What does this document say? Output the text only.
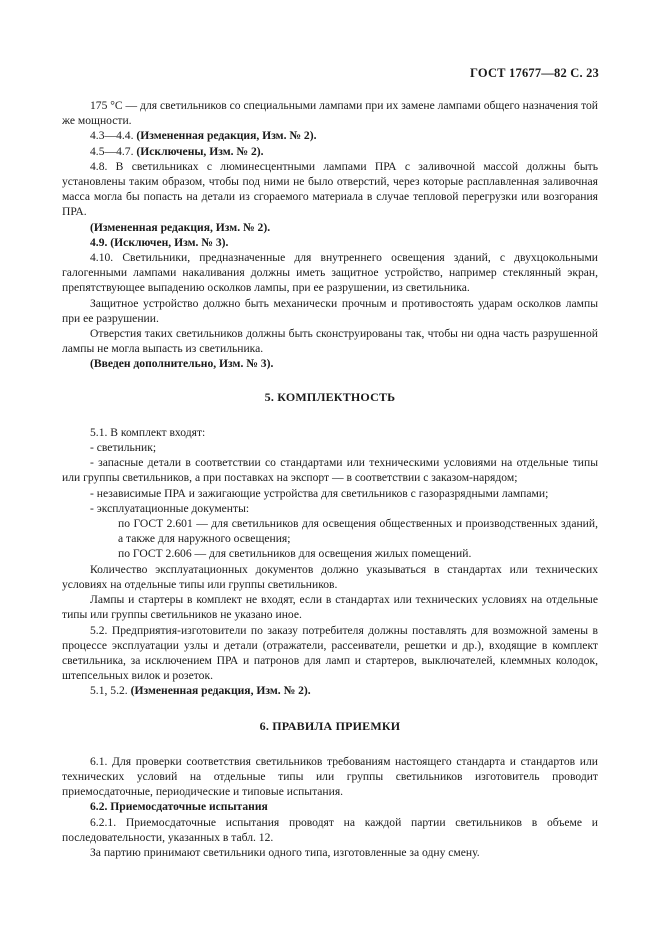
ГОСТ 17677—82 С. 23

175 °С — для светильников со специальными лампами при их замене лампами общего назначения той же мощности.

4.3—4.4. (Измененная редакция, Изм. № 2).

4.5—4.7. (Исключены, Изм. № 2).

4.8. В светильниках с люминесцентными лампами ПРА с заливочной массой должны быть установлены таким образом, чтобы под ними не было отверстий, через которые расплавленная заливочная масса могла бы попасть на детали из сгораемого материала в случае тепловой перегрузки или возгорания ПРА.

(Измененная редакция, Изм. № 2).

4.9. (Исключен, Изм. № 3).

4.10. Светильники, предназначенные для внутреннего освещения зданий, с двухцокольными галогенными лампами накаливания должны иметь защитное устройство, например стеклянный экран, препятствующее выпадению осколков лампы, при ее разрушении, из светильника.

Защитное устройство должно быть механически прочным и противостоять ударам осколков лампы при ее разрушении.

Отверстия таких светильников должны быть сконструированы так, чтобы ни одна часть разрушенной лампы не могла выпасть из светильника.

(Введен дополнительно, Изм. № 3).

5. КОМПЛЕКТНОСТЬ

5.1. В комплект входят:

- светильник;

- запасные детали в соответствии со стандартами или техническими условиями на отдельные типы или группы светильников, а при поставках на экспорт — в соответствии с заказом-нарядом;

- независимые ПРА и зажигающие устройства для светильников с газоразрядными лампами;

- эксплуатационные документы:

по ГОСТ 2.601 — для светильников для освещения общественных и производственных зданий, а также для наружного освещения;

по ГОСТ 2.606 — для светильников для освещения жилых помещений.

Количество эксплуатационных документов должно указываться в стандартах или технических условиях на отдельные типы или группы светильников.

Лампы и стартеры в комплект не входят, если в стандартах или технических условиях на отдельные типы или группы светильников не указано иное.

5.2. Предприятия-изготовители по заказу потребителя должны поставлять для возможной замены в процессе эксплуатации узлы и детали (отражатели, рассеиватели, решетки и др.), входящие в комплект светильника, за исключением ПРА и патронов для ламп и стартеров, выключателей, клеммных колодок, штепсельных вилок и розеток.

5.1, 5.2. (Измененная редакция, Изм. № 2).

6. ПРАВИЛА ПРИЕМКИ

6.1. Для проверки соответствия светильников требованиям настоящего стандарта и стандартов или технических условий на отдельные типы или группы светильников изготовитель проводит приемосдаточные, периодические и типовые испытания.

6.2. Приемосдаточные испытания

6.2.1. Приемосдаточные испытания проводят на каждой партии светильников в объеме и последовательности, указанных в табл. 12.

За партию принимают светильники одного типа, изготовленные за одну смену.
